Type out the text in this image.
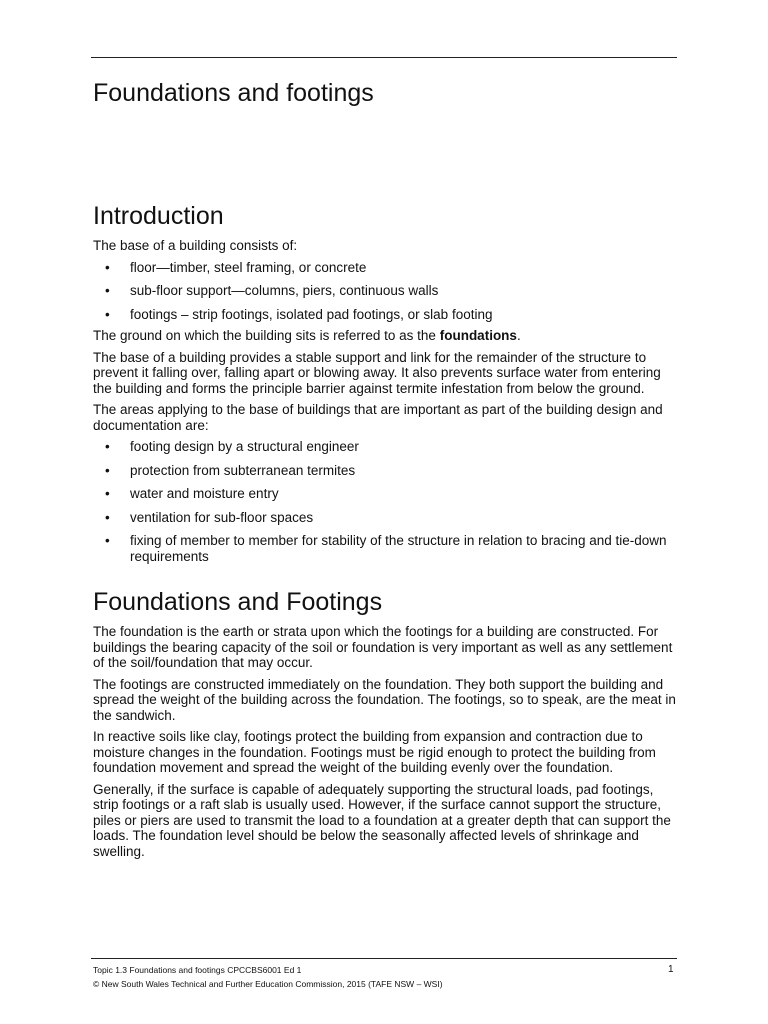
Foundations and footings
Introduction

The base of a building consists of:

• floor—timber, steel framing, or concrete
• sub-floor support—columns, piers, continuous walls
• footings – strip footings, isolated pad footings, or slab footing

The ground on which the building sits is referred to as the foundations.

The base of a building provides a stable support and link for the remainder of the structure to prevent it falling over, falling apart or blowing away. It also prevents surface water from entering the building and forms the principle barrier against termite infestation from below the ground.

The areas applying to the base of buildings that are important as part of the building design and documentation are:

• footing design by a structural engineer
• protection from subterranean termites
• water and moisture entry
• ventilation for sub-floor spaces
• fixing of member to member for stability of the structure in relation to bracing and tie-down requirements
Foundations and Footings

The foundation is the earth or strata upon which the footings for a building are constructed. For buildings the bearing capacity of the soil or foundation is very important as well as any settlement of the soil/foundation that may occur.

The footings are constructed immediately on the foundation. They both support the building and spread the weight of the building across the foundation. The footings, so to speak, are the meat in the sandwich.

In reactive soils like clay, footings protect the building from expansion and contraction due to moisture changes in the foundation. Footings must be rigid enough to protect the building from foundation movement and spread the weight of the building evenly over the foundation.

Generally, if the surface is capable of adequately supporting the structural loads, pad footings, strip footings or a raft slab is usually used. However, if the surface cannot support the structure, piles or piers are used to transmit the load to a foundation at a greater depth that can support the loads. The foundation level should be below the seasonally affected levels of shrinkage and swelling.

Topic 1.3 Foundations and footings CPCCBS6001 Ed 1
© New South Wales Technical and Further Education Commission, 2015 (TAFE NSW – WSI)
1
